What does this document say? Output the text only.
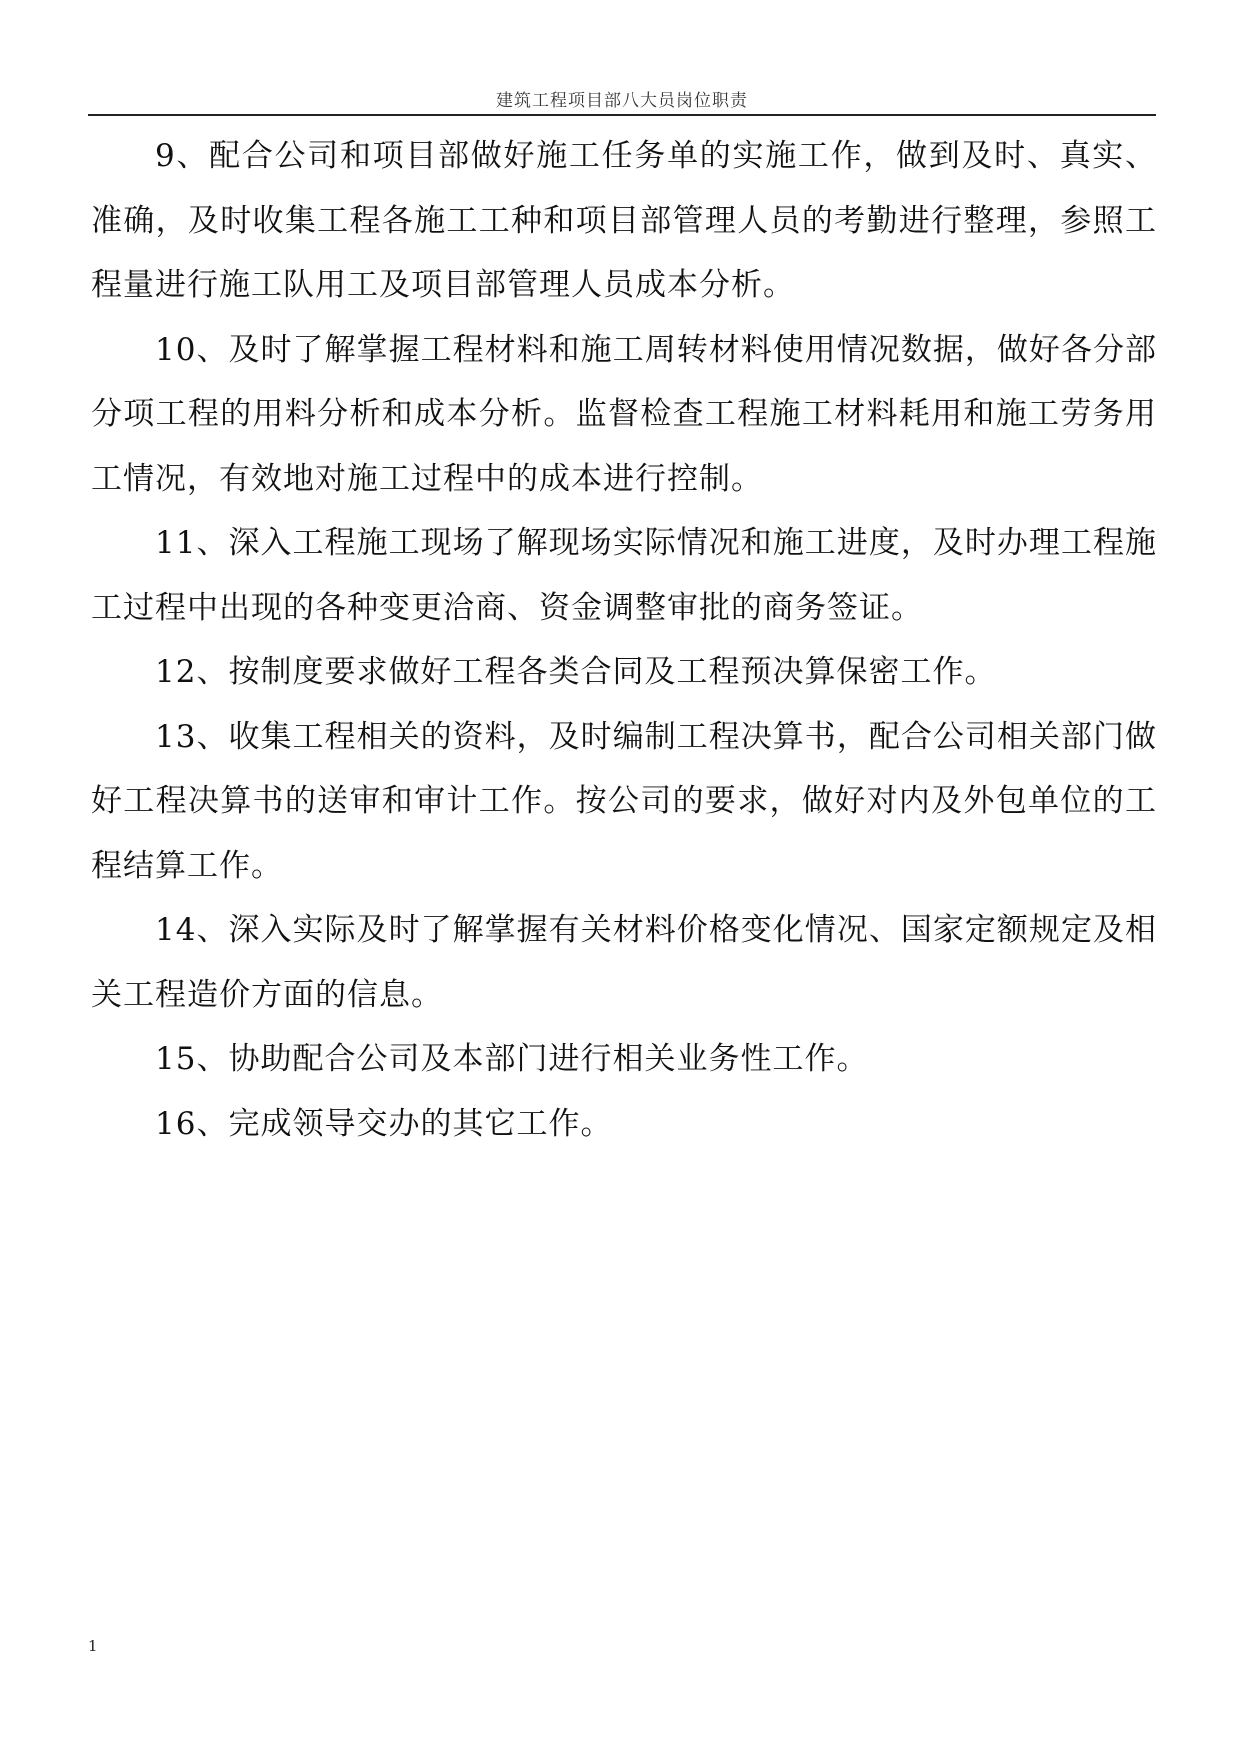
建筑工程项目部八大员岗位职责

9、配合公司和项目部做好施工任务单的实施工作，做到及时、真实、准确，及时收集工程各施工工种和项目部管理人员的考勤进行整理，参照工程量进行施工队用工及项目部管理人员成本分析。

10、及时了解掌握工程材料和施工周转材料使用情况数据，做好各分部分项工程的用料分析和成本分析。监督检查工程施工材料耗用和施工劳务用工情况，有效地对施工过程中的成本进行控制。

11、深入工程施工现场了解现场实际情况和施工进度，及时办理工程施工过程中出现的各种变更洽商、资金调整审批的商务签证。

12、按制度要求做好工程各类合同及工程预决算保密工作。

13、收集工程相关的资料，及时编制工程决算书，配合公司相关部门做好工程决算书的送审和审计工作。按公司的要求，做好对内及外包单位的工程结算工作。

14、深入实际及时了解掌握有关材料价格变化情况、国家定额规定及相关工程造价方面的信息。

15、协助配合公司及本部门进行相关业务性工作。

16、完成领导交办的其它工作。

1
